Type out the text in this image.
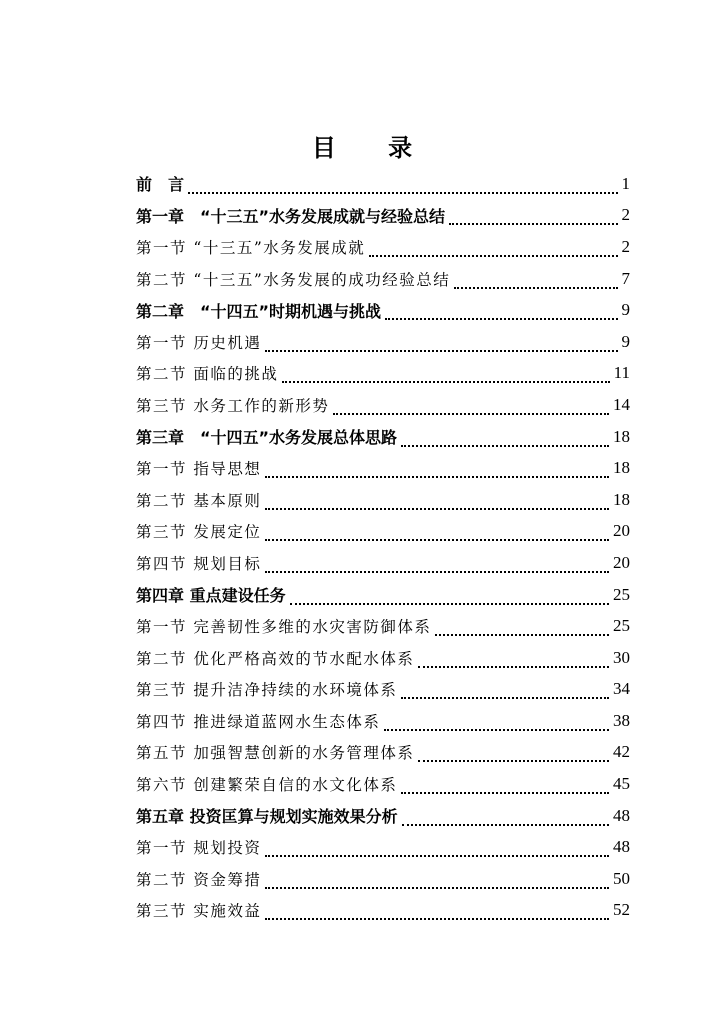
目 录
前　言	1
第一章　“十三五”水务发展成就与经验总结	2
第一节 “十三五”水务发展成就	2
第二节 “十三五”水务发展的成功经验总结	7
第二章　“十四五”时期机遇与挑战	9
第一节 历史机遇	9
第二节 面临的挑战	11
第三节 水务工作的新形势	14
第三章　“十四五”水务发展总体思路	18
第一节 指导思想	18
第二节 基本原则	18
第三节 发展定位	20
第四节 规划目标	20
第四章 重点建设任务	25
第一节 完善韧性多维的水灾害防御体系	25
第二节 优化严格高效的节水配水体系	30
第三节 提升洁净持续的水环境体系	34
第四节 推进绿道蓝网水生态体系	38
第五节 加强智慧创新的水务管理体系	42
第六节 创建繁荣自信的水文化体系	45
第五章 投资匡算与规划实施效果分析	48
第一节 规划投资	48
第二节 资金筹措	50
第三节 实施效益	52
